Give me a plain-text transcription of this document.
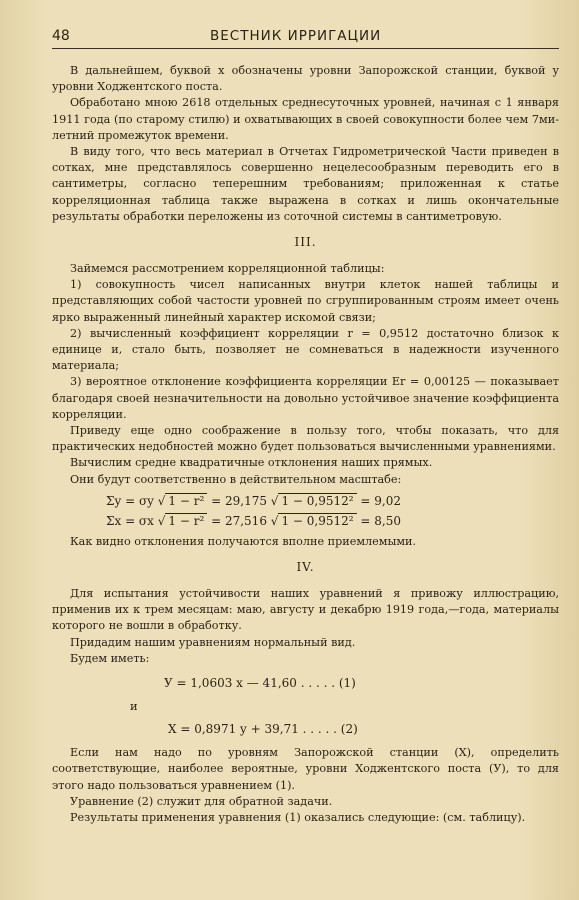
48	ВЕСТНИК ИРРИГАЦИИ

В дальнейшем, буквой x обозначены уровни Запорожской станции, буквой y уровни Ходжентского поста.

Обработано мною 2618 отдельных среднесуточных уровней, начиная с 1 января 1911 года (по старому стилю) и охватывающих в своей совокупности более чем 7ми-летний промежуток времени.

В виду того, что весь материал в Отчетах Гидрометрической Части приведен в сотках, мне представлялось совершенно нецелесообразным переводить его в сантиметры, согласно теперешним требованиям; приложенная к статье корреляционная таблица также выражена в сотках и лишь окончательные результаты обработки переложены из соточной системы в сантиметровую.

III.

Займемся рассмотрением корреляционной таблицы:

1) совокупность чисел написанных внутри клеток нашей таблицы и представляющих собой частости уровней по сгруппированным строям имеет очень ярко выраженный линейный характер искомой связи;

2) вычисленный коэффициент корреляции r = 0,9512 достаточно близок к единице и, стало быть, позволяет не сомневаться в надежности изученного материала;

3) вероятное отклонение коэффициента корреляции Er = 0,00125 — показывает благодаря своей незначительности на довольно устойчивое значение коэффициента корреляции.

Приведу еще одно соображение в пользу того, чтобы показать, что для практических недобностей можно будет пользоваться вычисленными уравнениями.

Вычислим средне квадратичные отклонения наших прямых.

Они будут соответственно в действительном масштабе:

Σy = σy √ 1 − r² = 29,175 √ 1 − 0,9512² = 9,02
Σx = σx √ 1 − r² = 27,516 √ 1 − 0,9512² = 8,50

Как видно отклонения получаются вполне приемлемыми.

IV.

Для испытания устойчивости наших уравнений я привожу иллюстрацию, применив их к трем месяцам: маю, августу и декабрю 1919 года,—года, материалы которого не вошли в обработку.

Придадим нашим уравнениям нормальный вид.

Будем иметь:

У = 1,0603 x — 41,60 . . . . . (1)
и
X = 0,8971 y + 39,71 . . . . . (2)

Если нам надо по уровням Запорожской станции (X), определить соответствующие, наиболее вероятные, уровни Ходжентского поста (У), то для этого надо пользоваться уравнением (1).

Уравнение (2) служит для обратной задачи.

Результаты применения уравнения (1) оказались следующие: (см. таблицу).
